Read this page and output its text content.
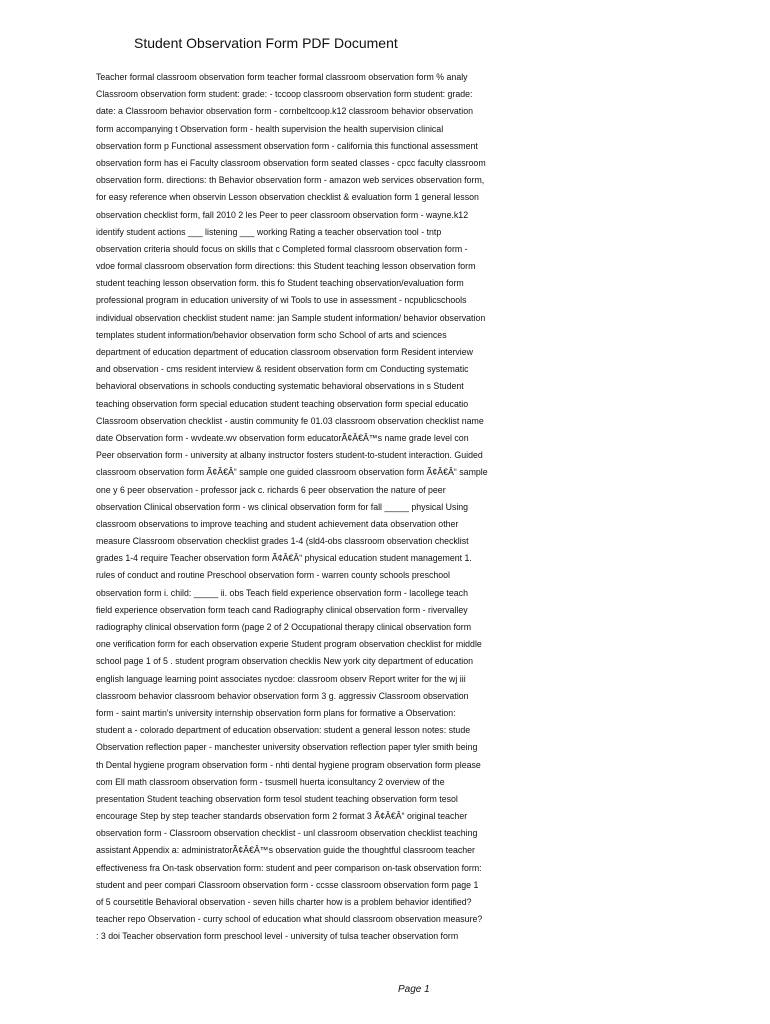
Student Observation Form PDF Document
Teacher formal classroom observation form teacher formal classroom observation form % analy
Classroom observation form student: grade: - tccoop classroom observation form student: grade:
date: a Classroom behavior observation form - cornbeltcoop.k12 classroom behavior observation
form accompanying t Observation form - health supervision the health supervision clinical
observation form p Functional assessment observation form - california this functional assessment
observation form has ei Faculty classroom observation form seated classes - cpcc faculty classroom
observation form. directions: th Behavior observation form - amazon web services observation form,
for easy reference when observin Lesson observation checklist & evaluation form 1 general lesson
observation checklist form, fall 2010 2 les Peer to peer classroom observation form - wayne.k12
identify student actions ___ listening ___ working Rating a teacher observation tool - tntp
observation criteria should focus on skills that c Completed formal classroom observation form -
vdoe formal classroom observation form directions: this Student teaching lesson observation form
student teaching lesson observation form. this fo Student teaching observation/evaluation form
professional program in education university of wi Tools to use in assessment - ncpublicschools
individual observation checklist student name: jan Sample student information/ behavior observation
templates student information/behavior observation form scho School of arts and sciences
department of education department of education classroom observation form Resident interview
and observation - cms resident interview & resident observation form cm Conducting systematic
behavioral observations in schools conducting systematic behavioral observations in s Student
teaching observation form special education student teaching observation form special educatio
Classroom observation checklist - austin community fe 01.03 classroom observation checklist name
date Observation form - wvdeate.wv observation form educatorÃ¢Â€Â™s name grade level con
Peer observation form - university at albany instructor fosters student-to-student interaction. Guided
classroom observation form Ã¢Â€Â“ sample one guided classroom observation form Ã¢Â€Â“ sample
one y 6 peer observation - professor jack c. richards 6 peer observation the nature of peer
observation Clinical observation form - ws clinical observation form for fall _____ physical Using
classroom observations to improve teaching and student achievement data observation other
measure Classroom observation checklist grades 1-4 (sld4-obs classroom observation checklist
grades 1-4 require Teacher observation form Ã¢Â€Â“ physical education student management 1.
rules of conduct and routine Preschool observation form - warren county schools preschool
observation form i. child: _____ ii. obs Teach field experience observation form - lacollege teach
field experience observation form teach cand Radiography clinical observation form - rivervalley
radiography clinical observation form (page 2 of 2 Occupational therapy clinical observation form
one verification form for each observation experie Student program observation checklist for middle
school page 1 of 5 . student program observation checklis New york city department of education
english language learning point associates nycdoe: classroom observ Report writer for the wj iii
classroom behavior classroom behavior observation form 3 g. aggressiv Classroom observation
form - saint martin's university internship observation form plans for formative a Observation:
student a - colorado department of education observation: student a general lesson notes: stude
Observation reflection paper - manchester university observation reflection paper tyler smith being
th Dental hygiene program observation form - nhti dental hygiene program observation form please
com Ell math classroom observation form - tsusmell huerta iconsultancy 2 overview of the
presentation Student teaching observation form tesol student teaching observation form tesol
encourage Step by step teacher standards observation form 2 format 3 Ã¢Â€Â“ original teacher
observation form - Classroom observation checklist - unl classroom observation checklist teaching
assistant Appendix a: administratorÃ¢Â€Â™s observation guide the thoughtful classroom teacher
effectiveness fra On-task observation form: student and peer comparison on-task observation form:
student and peer compari Classroom observation form - ccsse classroom observation form page 1
of 5 coursetitle Behavioral observation - seven hills charter how is a problem behavior identified?
teacher repo Observation - curry school of education what should classroom observation measure?
: 3 doi Teacher observation form preschool level - university of tulsa teacher observation form
Page 1
